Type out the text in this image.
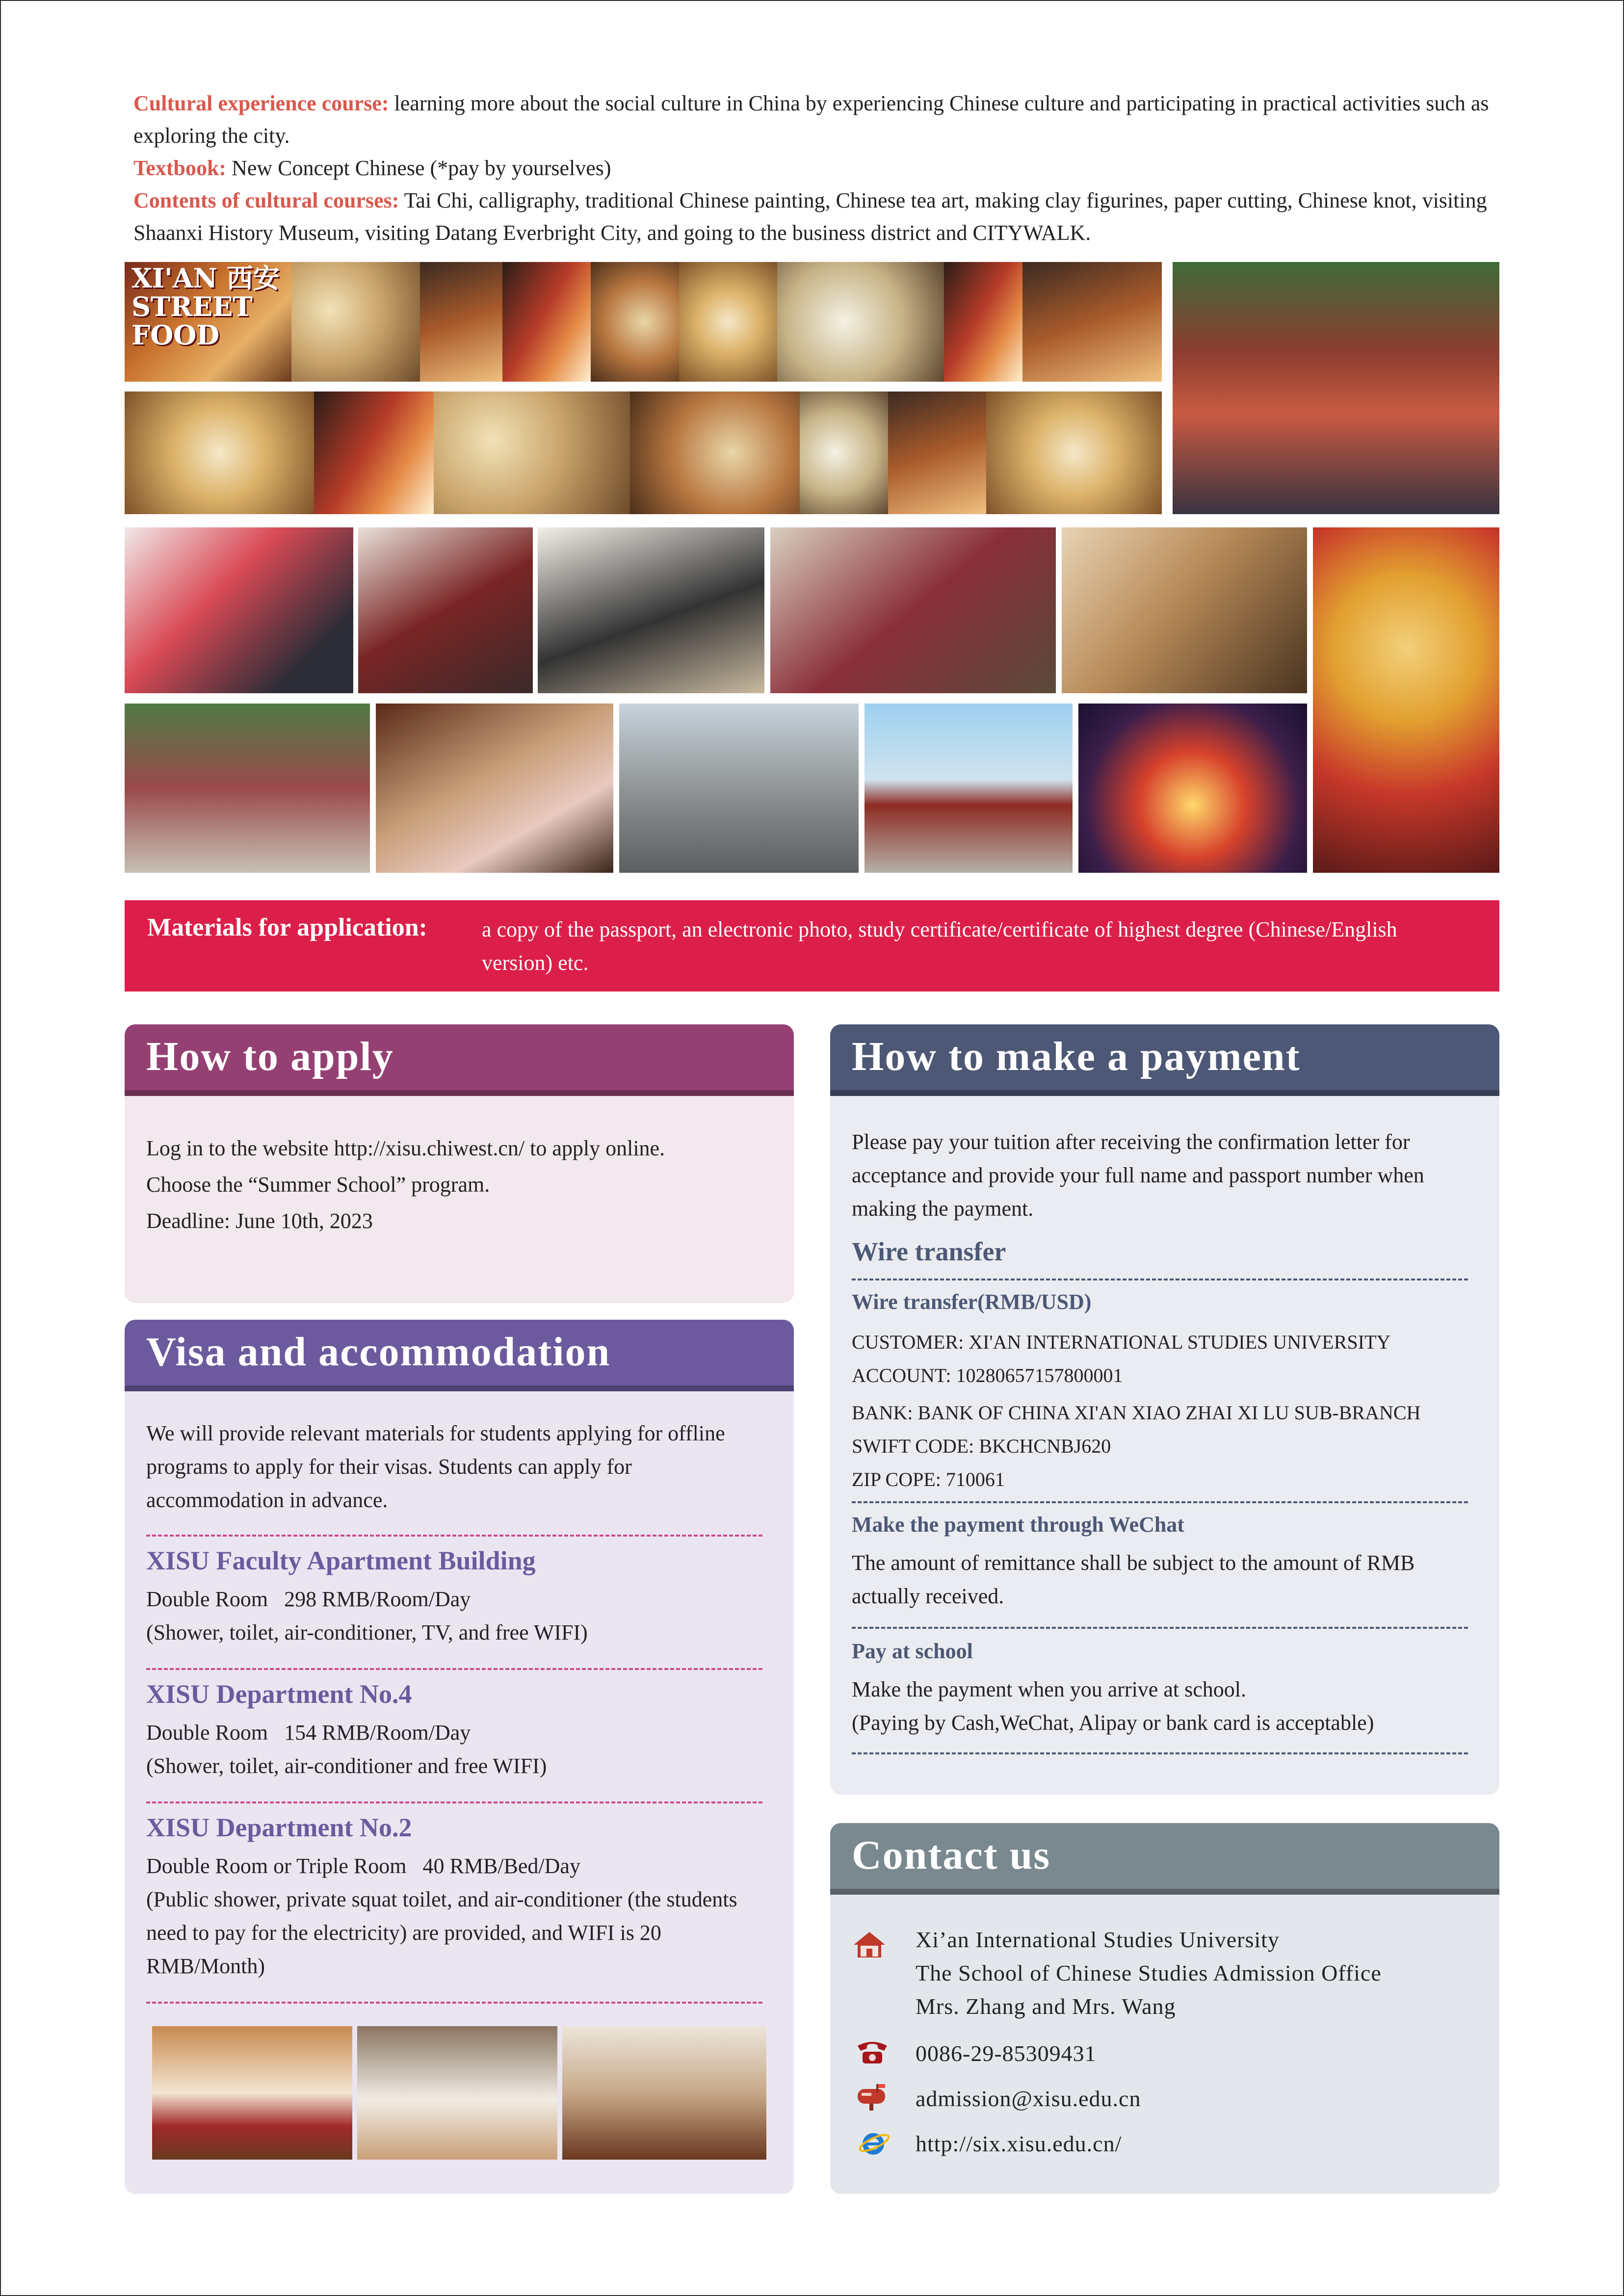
Cultural experience course: learning more about the social culture in China by experiencing Chinese culture and participating in practical activities such as exploring the city.

Textbook: New Concept Chinese (*pay by yourselves)

Contents of cultural courses: Tai Chi, calligraphy, traditional Chinese painting, Chinese tea art, making clay figurines, paper cutting, Chinese knot, visiting Shaanxi History Museum, visiting Datang Everbright City, and going to the business district and CITYWALK.

XI'AN 西安
STREET FOOD
Materials for application:	a copy of the passport, an electronic photo, study certificate/certificate of highest degree (Chinese/English version) etc.
How to apply
Log in to the website http://xisu.chiwest.cn/ to apply online.
Choose the “Summer School” program.
Deadline: June 10th, 2023
Visa and accommodation
We will provide relevant materials for students applying for offline programs to apply for their visas. Students can apply for accommodation in advance.
XISU Faculty Apartment Building
Double Room   298 RMB/Room/Day
(Shower, toilet, air-conditioner, TV, and free WIFI)
XISU Department No.4
Double Room   154 RMB/Room/Day
(Shower, toilet, air-conditioner and free WIFI)
XISU Department No.2
Double Room or Triple Room   40 RMB/Bed/Day
(Public shower, private squat toilet, and air-conditioner (the students need to pay for the electricity) are provided, and WIFI is 20 RMB/Month)
How to make a payment
Please pay your tuition after receiving the confirmation letter for acceptance and provide your full name and passport number when making the payment.
Wire transfer
Wire transfer(RMB/USD)
CUSTOMER: XI'AN INTERNATIONAL STUDIES UNIVERSITY
ACCOUNT: 10280657157800001
BANK: BANK OF CHINA XI'AN XIAO ZHAI XI LU SUB-BRANCH
SWIFT CODE: BKCHCNBJ620
ZIP COPE: 710061
Make the payment through WeChat
The amount of remittance shall be subject to the amount of RMB actually received.
Pay at school
Make the payment when you arrive at school.
(Paying by Cash,WeChat, Alipay or bank card is acceptable)
Contact us
Xi’an International Studies University
The School of Chinese Studies Admission Office
Mrs. Zhang and Mrs. Wang
0086-29-85309431
admission@xisu.edu.cn
http://six.xisu.edu.cn/
